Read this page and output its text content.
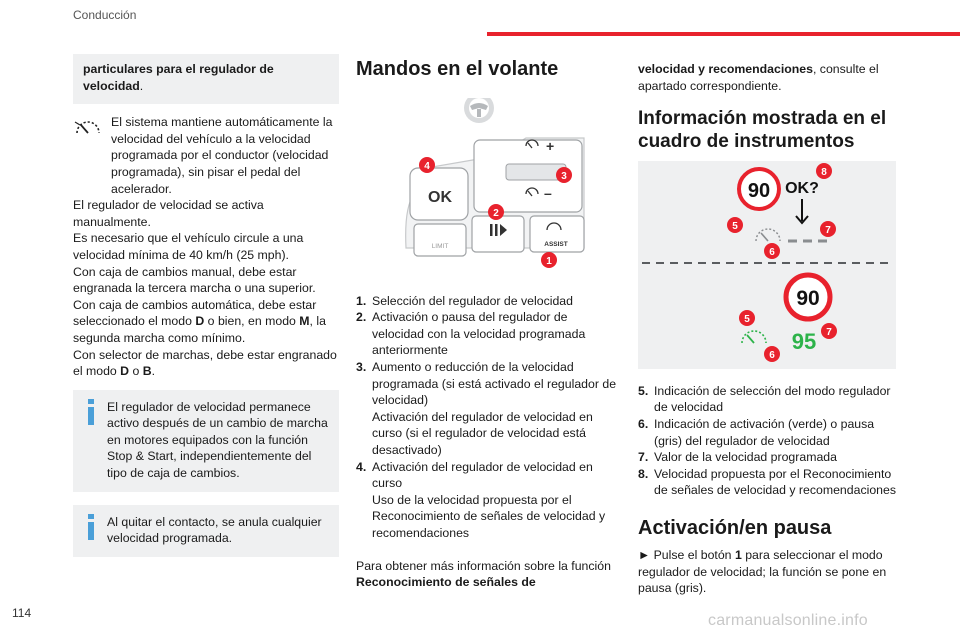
Conducción
particulares para el regulador de velocidad.

El sistema mantiene automáticamente la velocidad del vehículo a la velocidad programada por el conductor (velocidad programada), sin pisar el pedal del acelerador.

El regulador de velocidad se activa manualmente.

Es necesario que el vehículo circule a una velocidad mínima de 40 km/h (25 mph).

Con caja de cambios manual, debe estar engranada la tercera marcha o una superior.

Con caja de cambios automática, debe estar seleccionado el modo D o bien, en modo M, la segunda marcha como mínimo.

Con selector de marchas, debe estar engranado el modo D o B.

El regulador de velocidad permanece activo después de un cambio de marcha en motores equipados con la función Stop & Start, independientemente del tipo de caja de cambios.

Al quitar el contacto, se anula cualquier velocidad programada.

Mandos en el volante
OK
+
–
LIMIT	ASSIST
4
3
2
1
1. Selección del regulador de velocidad
2. Activación o pausa del regulador de velocidad con la velocidad programada anteriormente
3. Aumento o reducción de la velocidad programada (si está activado el regulador de velocidad)
Activación del regulador de velocidad en curso (si el regulador de velocidad está desactivado)
4. Activación del regulador de velocidad en curso
Uso de la velocidad propuesta por el Reconocimiento de señales de velocidad y recomendaciones

Para obtener más información sobre la función Reconocimiento de señales de

velocidad y recomendaciones, consulte el apartado correspondiente.

Información mostrada en el cuadro de instrumentos
90 OK?
8
5	7
6
90
95
5
7
6
5. Indicación de selección del modo regulador de velocidad
6. Indicación de activación (verde) o pausa (gris) del regulador de velocidad
7. Valor de la velocidad programada
8. Velocidad propuesta por el Reconocimiento de señales de velocidad y recomendaciones
Activación/en pausa

► Pulse el botón 1 para seleccionar el modo regulador de velocidad; la función se pone en pausa (gris).

114	carmanualsonline.info
